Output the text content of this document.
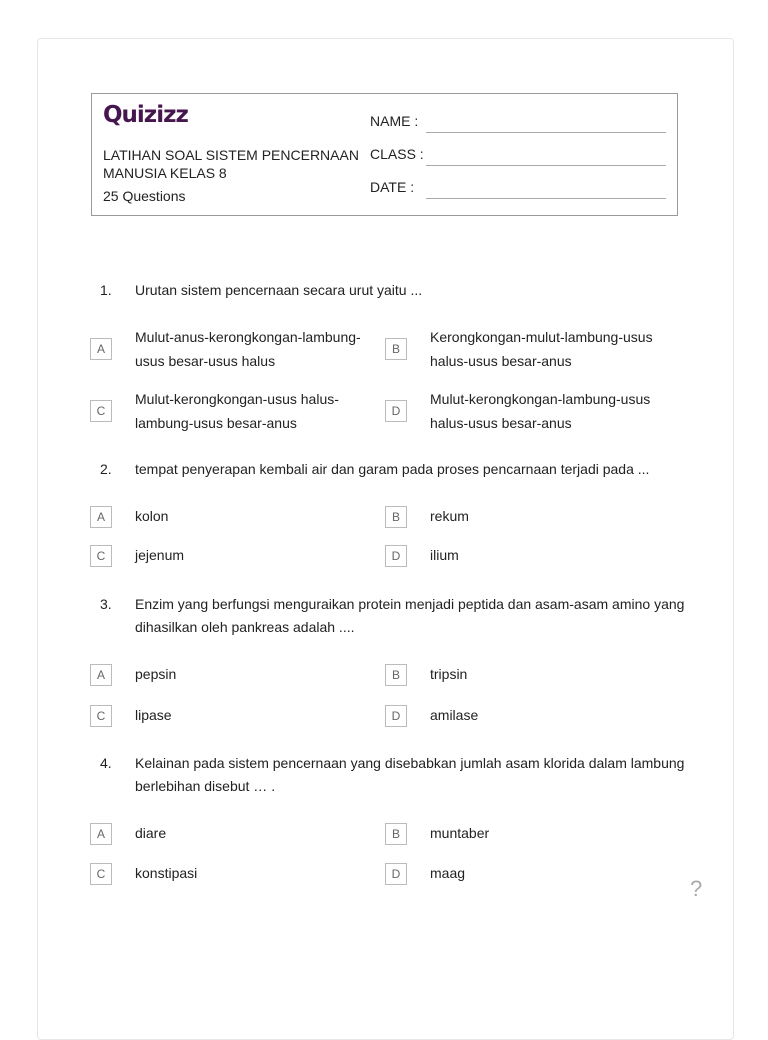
Quizizz
LATIHAN SOAL SISTEM PENCERNAAN MANUSIA KELAS 8
25 Questions
NAME :
CLASS :
DATE :
1.	Urutan sistem pencernaan secara urut yaitu ...
A
Mulut-anus-kerongkongan-lambung-usus besar-usus halus
B
Kerongkongan-mulut-lambung-usus halus-usus besar-anus
C
Mulut-kerongkongan-usus halus-lambung-usus besar-anus
D
Mulut-kerongkongan-lambung-usus halus-usus besar-anus
2.	tempat penyerapan kembali air dan garam pada proses pencarnaan terjadi pada ...
A	kolon	B	rekum
C	jejenum	D	ilium
3.	Enzim yang berfungsi menguraikan protein menjadi peptida dan asam-asam amino yang dihasilkan oleh pankreas adalah ....
A	pepsin	B	tripsin
C	lipase	D	amilase
4.	Kelainan pada sistem pencernaan yang disebabkan jumlah asam klorida dalam lambung berlebihan disebut … .
A	diare	B	muntaber
C	konstipasi	D	maag
?
